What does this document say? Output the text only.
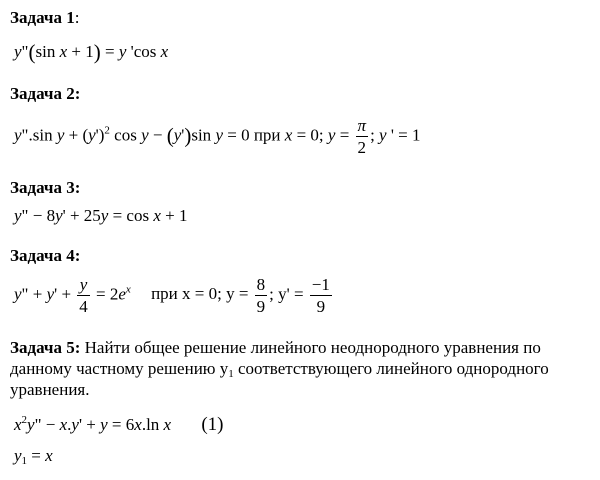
Задача 1:
y"(sin x + 1) = y 'cos x
Задача 2:
y".sin $y + (y')^2$ cos y − (y')sin y = 0 при x = 0; $y = \frac{\pi}{2}$ ; y ' = 1
Задача 3:
y" − 8y' + 25y = cos x + 1
Задача 4:
y" + $y' + \frac{y}{4} = 2e^x$ при x = 0; $y = \frac{8}{9}$ ; $y' = \frac{-1}{9}$
Задача 5: Найти общее решение линейного неоднородного уравнения по данному частному решению $y_1$ соответствующего линейного однородного уравнения.
$x^2y$" − x.y' + y = 6x.ln x (1)
$y_1 = x$
